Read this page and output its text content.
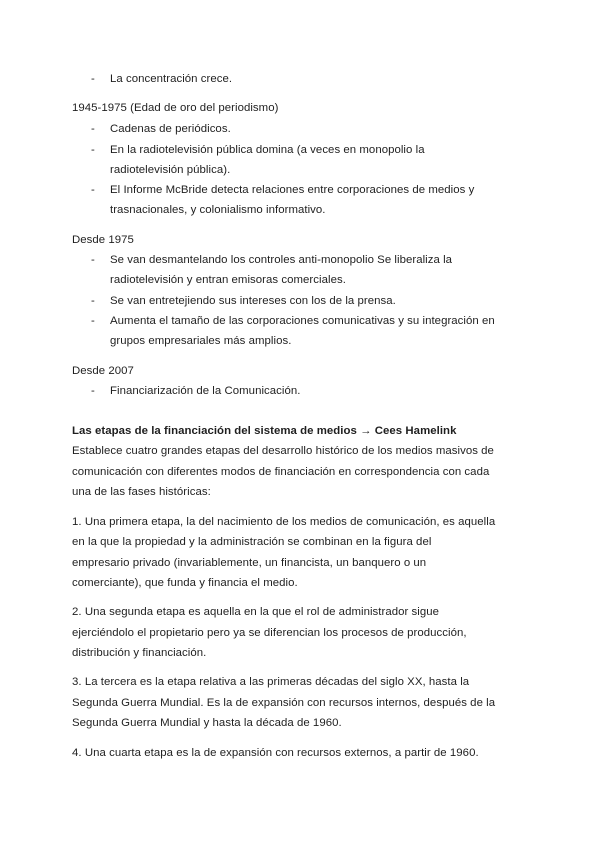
- La concentración crece.
1945-1975 (Edad de oro del periodismo)
- Cadenas de periódicos.
- En la radiotelevisión pública domina (a veces en monopolio la
radiotelevisión pública).
- El Informe McBride detecta relaciones entre corporaciones de medios y
trasnacionales, y colonialismo informativo.
Desde 1975
- Se van desmantelando los controles anti-monopolio Se liberaliza la
radiotelevisión y entran emisoras comerciales.
- Se van entretejiendo sus intereses con los de la prensa.
- Aumenta el tamaño de las corporaciones comunicativas y su integración en
grupos empresariales más amplios.
Desde 2007
- Financiarización de la Comunicación.
Las etapas de la financiación del sistema de medios → Cees Hamelink
Establece cuatro grandes etapas del desarrollo histórico de los medios masivos de
comunicación con diferentes modos de financiación en correspondencia con cada
una de las fases históricas:
1. Una primera etapa, la del nacimiento de los medios de comunicación, es aquella
en la que la propiedad y la administración se combinan en la figura del
empresario privado (invariablemente, un financista, un banquero o un
comerciante), que funda y financia el medio.
2. Una segunda etapa es aquella en la que el rol de administrador sigue
ejerciéndolo el propietario pero ya se diferencian los procesos de producción,
distribución y financiación.
3. La tercera es la etapa relativa a las primeras décadas del siglo XX, hasta la
Segunda Guerra Mundial. Es la de expansión con recursos internos, después de la
Segunda Guerra Mundial y hasta la década de 1960.
4. Una cuarta etapa es la de expansión con recursos externos, a partir de 1960.
